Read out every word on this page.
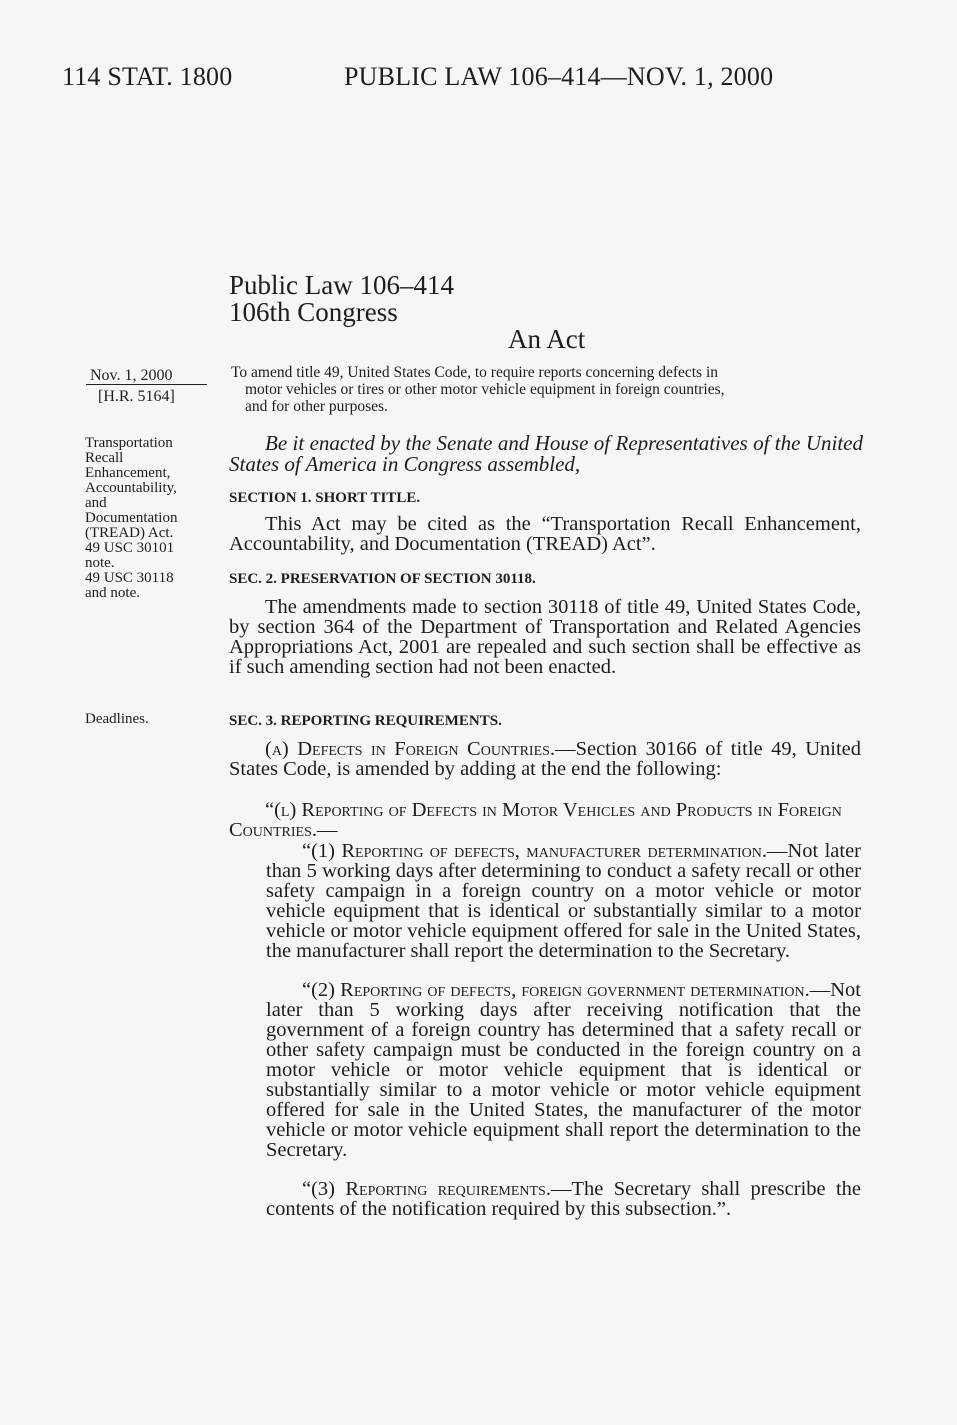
114 STAT. 1800	PUBLIC LAW 106–414—NOV. 1, 2000
Public Law 106–414
106th Congress
An Act
Nov. 1, 2000
[H.R. 5164]
Transportation
Recall
Enhancement,
Accountability,
and
Documentation
(TREAD) Act.
49 USC 30101
note.
49 USC 30118
and note.
Deadlines.
To amend title 49, United States Code, to require reports concerning defects in
motor vehicles or tires or other motor vehicle equipment in foreign countries,
and for other purposes.
Be it enacted by the Senate and House of Representatives of the United States of America in Congress assembled,
SECTION 1. SHORT TITLE.
This Act may be cited as the “Transportation Recall Enhancement, Accountability, and Documentation (TREAD) Act”.
SEC. 2. PRESERVATION OF SECTION 30118.
The amendments made to section 30118 of title 49, United States Code, by section 364 of the Department of Transportation and Related Agencies Appropriations Act, 2001 are repealed and such section shall be effective as if such amending section had not been enacted.
SEC. 3. REPORTING REQUIREMENTS.
(a) Defects in Foreign Countries.—Section 30166 of title 49, United States Code, is amended by adding at the end the following:
“(l) Reporting of Defects in Motor Vehicles and Products in Foreign Countries.—
“(1) Reporting of defects, manufacturer determination.—Not later than 5 working days after determining to conduct a safety recall or other safety campaign in a foreign country on a motor vehicle or motor vehicle equipment that is identical or substantially similar to a motor vehicle or motor vehicle equipment offered for sale in the United States, the manufacturer shall report the determination to the Secretary.
“(2) Reporting of defects, foreign government determination.—Not later than 5 working days after receiving notification that the government of a foreign country has determined that a safety recall or other safety campaign must be conducted in the foreign country on a motor vehicle or motor vehicle equipment that is identical or substantially similar to a motor vehicle or motor vehicle equipment offered for sale in the United States, the manufacturer of the motor vehicle or motor vehicle equipment shall report the determination to the Secretary.
“(3) Reporting requirements.—The Secretary shall prescribe the contents of the notification required by this subsection.”.
